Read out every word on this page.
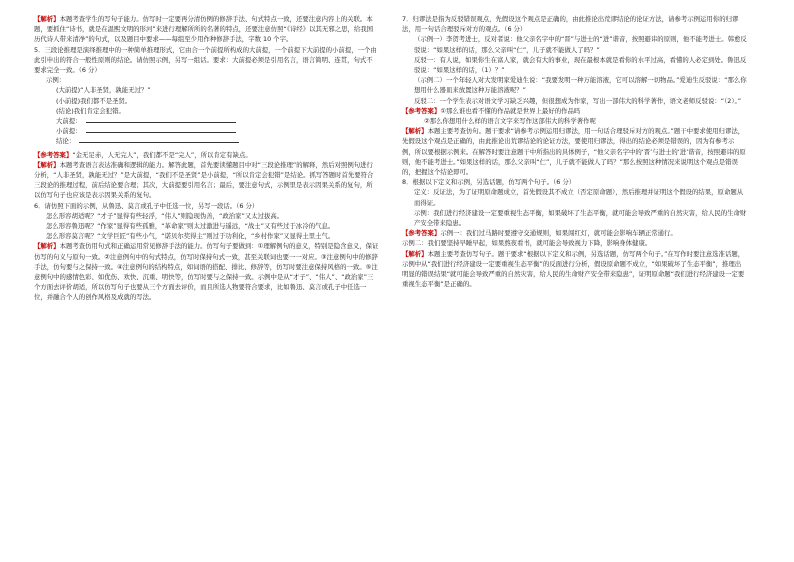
【解析】本题考查学生的写句子能力。仿写时一定要再分清仿例的修辞手法、句式特点一致，还要注意内容上的关联。本题，要抓住“诗书，就是在温熙文明的形河”来进行理解所所的名著的特点，还要注意仿照“《诗经》以其无邪之思，给我国历代诗人带来清净”的句式，以及题目中要求——每组至少用作种修辞手法，字数 10 个字。

5．三段论推理是演绎推理中的一种简单推理形式，它由合一个前提所构成的大前提，一个前提下大前提的小前提，一个由此引申出的符合一般性原则的结论。请仿照示例，另写一组话。要求：大前提必须是引用名言，语言简明、连贯，句式不要求完全一致。（6 分）

示例：

(大前提)“人非圣贤，孰能无过？”

(小前提)我们都不是圣贤。

(结论)我们肯定会犯错。

大前提：

小前提：

结论：

【参考答案】“金无足赤，人无完人”，我们都不是“完人”，所以肯定有缺点。

【解析】本题考查语言表达准确和逻辑的能力。解答此题，首先要读懂题目中对“三段论推理”的解释，然后对照例句进行分析，“人非圣贤，孰能无过？”是大前提，“我们不是圣贤”是小前提，“所以肯定会犯错”是结论。抓写答题时首先要符合三段论的推理过程，前后结论要合理；其次，大前提要引用名言；最后，要注意句式，示例里是表示因果关系的复句，所以仿写句子也应该是表示因果关系的复句。

6．请仿照下面的示例，从鲁迅、莫言或孔子中任选一位，另写一段话。（6 分）

怎么形容胡适呢？“才子”显得有些轻浮，“伟人”则隐现伪善，“政治家”又太过拔高。

怎么形容鲁迅呢？“作家”显得有些孤雅，“革命家”则太过激进与遥远，“战士”又有些过于冰冷的气息。

怎么形容莫言呢？“文学巨匠”有些小气，“诺贝尔奖得主”则过于功利化，“乡村作家”又显得土里土气。

【解析】本题考查仿用句式和正确运用常见修辞手法的能力。仿写句子要做到：①理解例句的意义，特别是隐含意义，保证仿写的句义与原句一致。②注意例句中的句式特点，仿写时保持句式一致，甚至关联词也要一一对应。③注意例句中的修辞手法，仿句要与之保持一致。④注意例句的结构特点，如词语的搭配、排比、修辞等，仿写时要注意保持风格的一致。⑤注意例句中的感情色彩、如优伤、欢快、沉重、明快等，仿写时要与之保持一致。示例中是从“才子”、“伟人”、“政治家”三个方面去评价胡适，所以仿写句子也要从三个方面去评价，而且所选人物要符合要求，比如鲁迅、莫言或孔子中任选一位，并融合个人的创作风格及成就的写法。

7．归谬法是指为反驳错误观点，先假设这个观点是正确的，由此推论出荒谬结论的论证方法，请参考示例运用你的归谬法，用一句话合理驳斥对方的观点。（6 分）

（示例一）李贺考进士，反对者说：他父亲名字中的“晋”与进士的“进”谐音，按照避讳的原则，他不能考进士。韩愈反驳说：“如果这样的话，那么父亲叫“仁”，儿子就不能做人了吗？”

反驳一：有人说，如果你生在富人家，就会有大的事业，现在最根本就是看你的水平过高，看懂的人必定到处。鲁迅反驳说：“如果这样的话，（1）？”

（示例二）一个年轻人对大发明家爱迪生说：“我要发明一种万能溶液，它可以溶解一切物品。”爱迪生反驳说：“那么你想用什么器皿来放置这种万能溶液呢？”

反驳二：一个学生表示对语文学习缺乏兴趣，但很想成为作家，写出一部伟大的科学著作，语文老师反驳说：“（2）。”

【参考答案】①那么谁也看不懂的作品就是世界上最好的作品吗

②那么你想用什么样的语言文字来写作这部伟大的科学著作呢

【解析】本题主要考查仿句。题干要求“请参考示例运用归谬法，用一句话合理驳斥对方的观点。”题干中要求使用归谬法，先假设这个观点是正确的，由此推论出荒谬结论的论证方法，要使用归谬法，得出的结论必须是错误的，因为有参考示例，所以要根据示例来。在解答时要注意题干中所指出的具体例子，“他父亲名字中的‘晋’与进士的‘进’谐音，按照避讳的原则，他不能考进士。”如果这样的话，那么父亲叫“仁”，儿子就不能做人了吗？”那么按照这种情况来说明这个观点是错误的，把握这个结论即可。

8．根据以下定义和示例，另选话题，仿写两个句子。（6 分）

定义：反证法，为了证明原命题成立，首先假设其不成立（否定原命题），然后推理并证明这个假设的结果，原命题从而得证。

示例：我们进行经济建设一定要重视生态平衡，如果破坏了生态平衡，就可能会导致严重的自然灾害，给人民的生命财产安全带来隐患。

【参考答案】示例一：我们过马路时要遵守交通规则，如果闯红灯，就可能会影响车辆正常通行。

示例二：我们要坚持早睡早起，如果熬夜看书，就可能会导致视力下降，影响身体健康。

【解析】本题主要考查仿写句子。题干要求“根据以下定义和示例，另选话题，仿写两个句子。”在写作时要注意选准话题，示例中从“我们进行经济建设一定要重视生态平衡”的反面进行分析，假设原命题不成立，“如果破坏了生态平衡”，推理出明显的错误结果“就可能会导致严重的自然灾害，给人民的生命财产安全带来隐患”，证明原命题“我们进行经济建设一定要重视生态平衡”是正确的。
